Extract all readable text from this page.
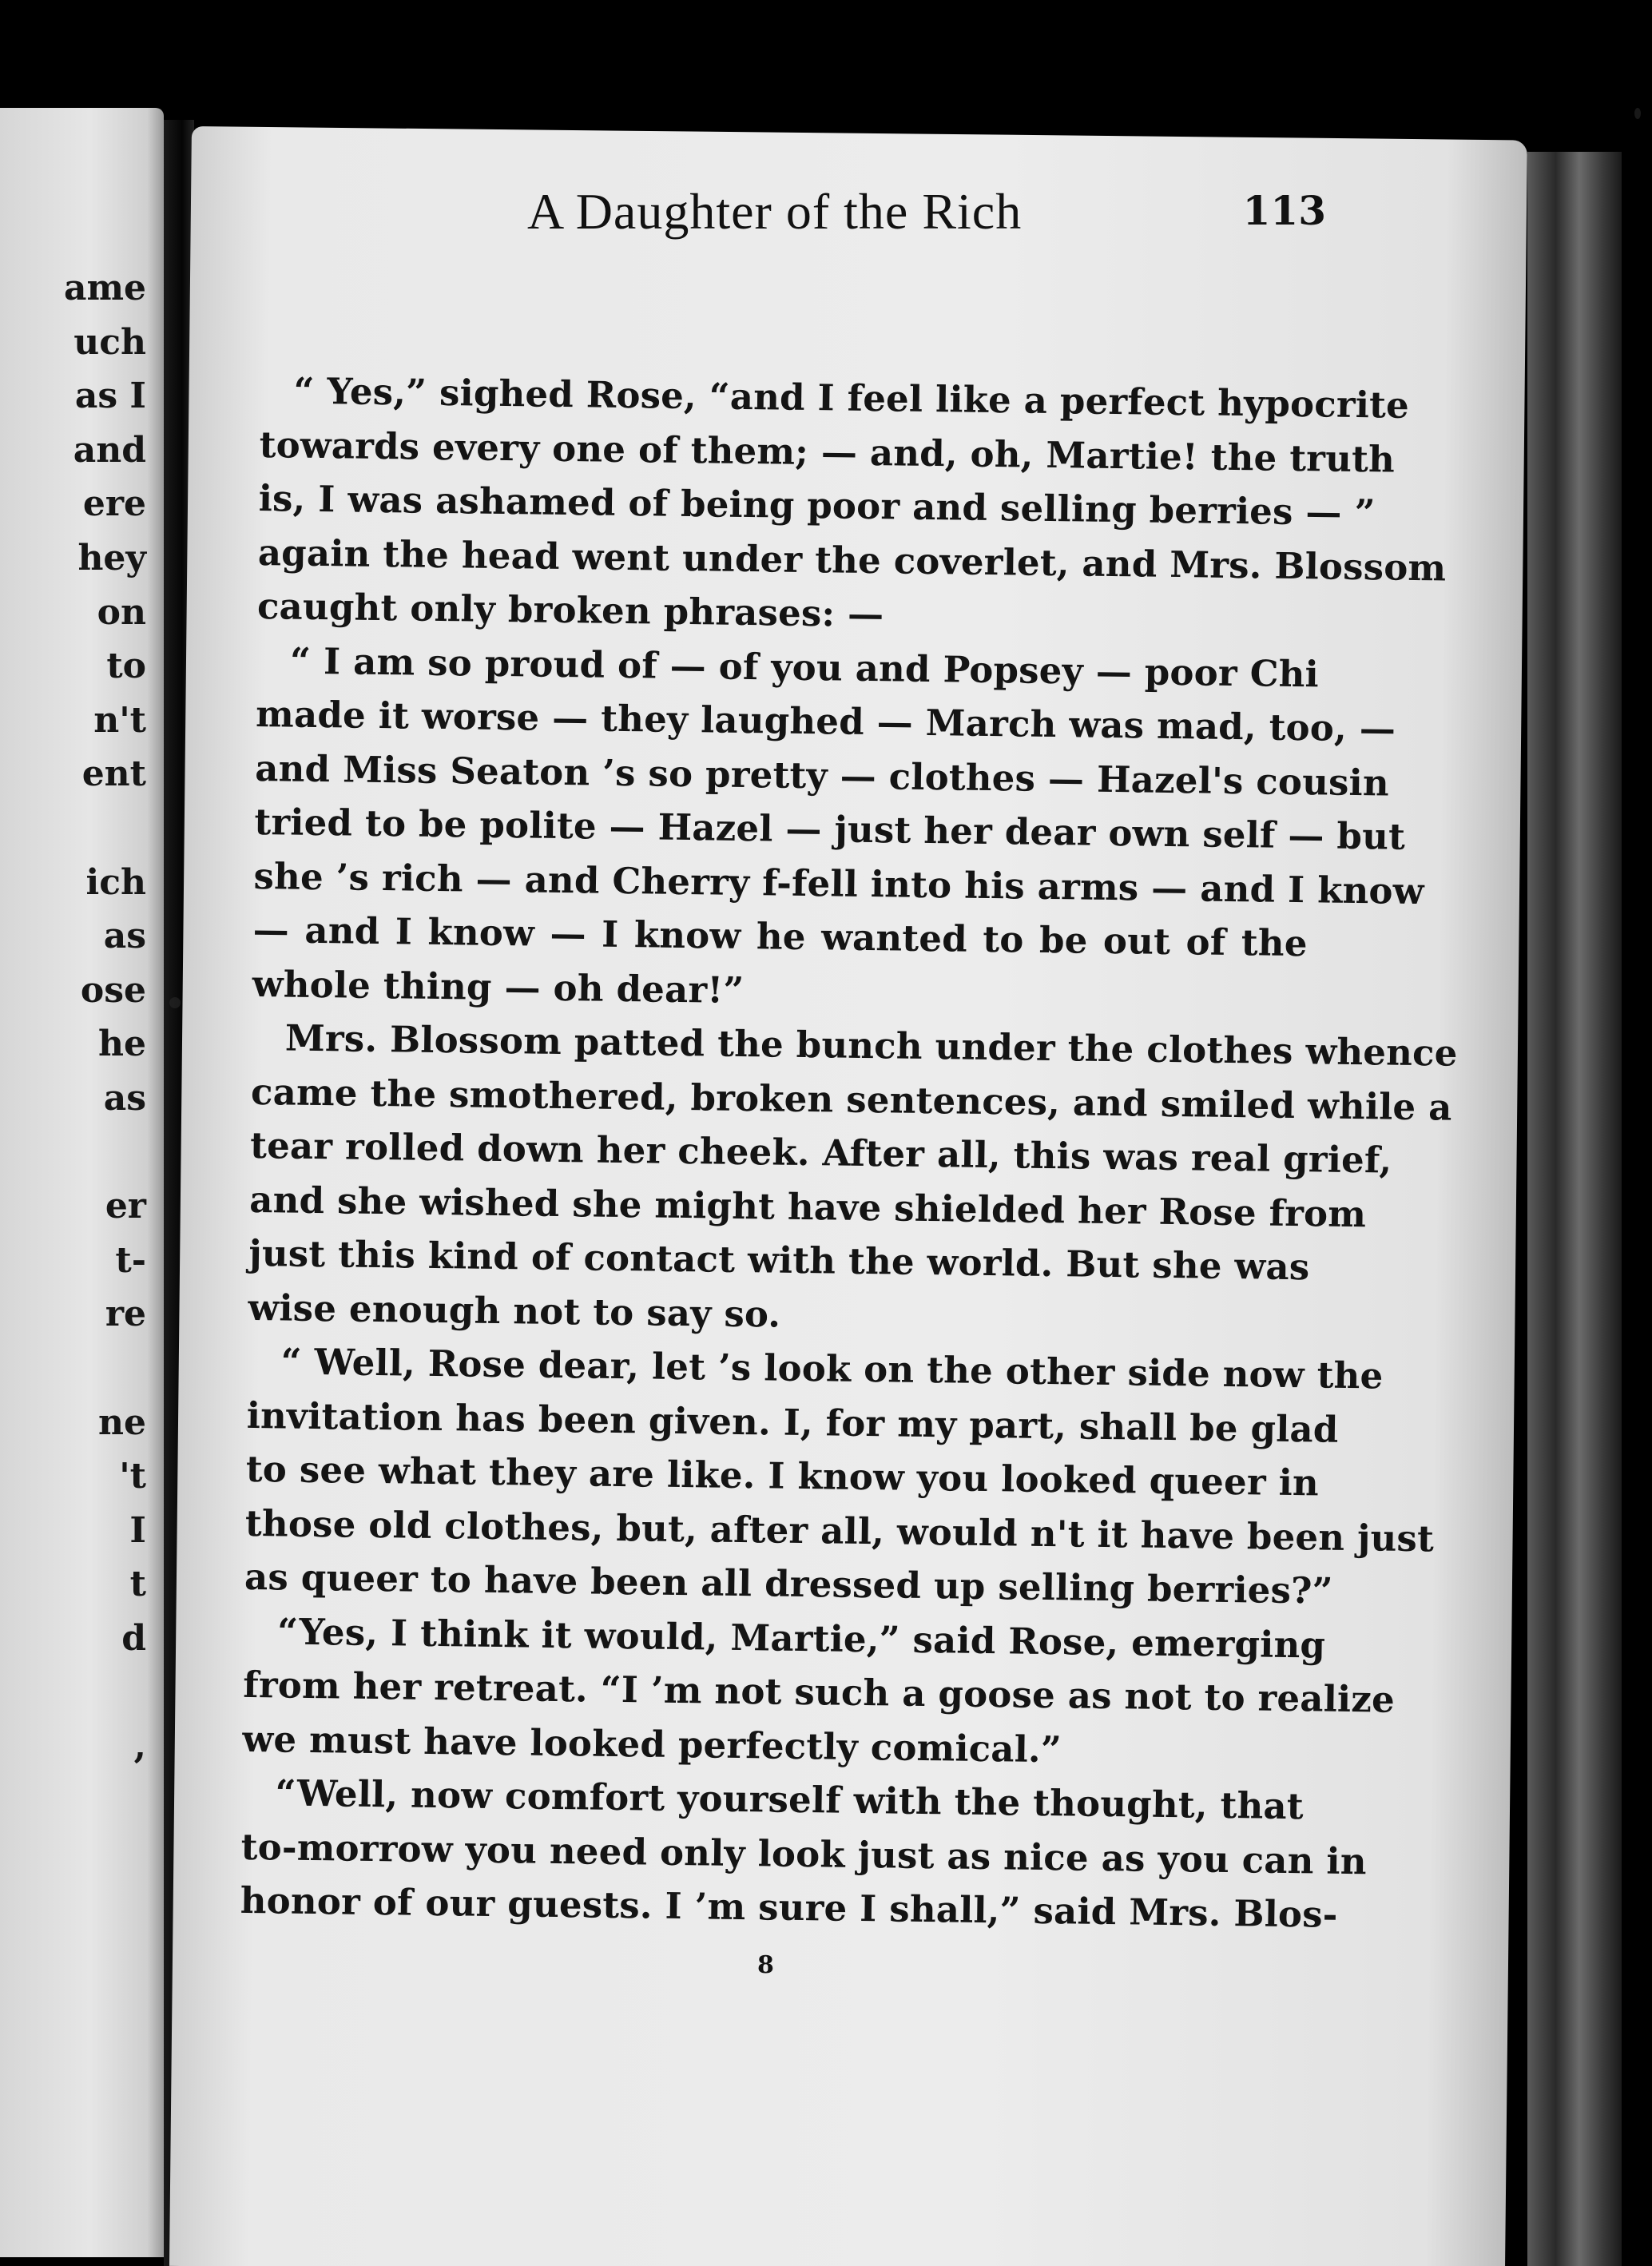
ame
uch
as I
and
ere
hey
on
to
n't
ent
ich
as
ose
he
as
er
t-
re
ne
't
I
t
d
,
A Daughter of the Rich	113
“ Yes,” sighed Rose, “and I feel like a perfect hypocrite
towards every one of them; — and, oh, Martie! the truth
is, I was ashamed of being poor and selling berries — ”
again the head went under the coverlet, and Mrs. Blossom
caught only broken phrases: —
“ I am so proud of — of you and Popsey — poor Chi
made it worse — they laughed — March was mad, too, —
and Miss Seaton ’s so pretty — clothes — Hazel's cousin
tried to be polite — Hazel — just her dear own self — but
she ’s rich — and Cherry f-fell into his arms — and I know
— and I know — I know he wanted to be out of the
whole thing — oh dear!”
Mrs. Blossom patted the bunch under the clothes whence
came the smothered, broken sentences, and smiled while a
tear rolled down her cheek. After all, this was real grief,
and she wished she might have shielded her Rose from
just this kind of contact with the world. But she was
wise enough not to say so.
“ Well, Rose dear, let ’s look on the other side now the
invitation has been given. I, for my part, shall be glad
to see what they are like. I know you looked queer in
those old clothes, but, after all, would n't it have been just
as queer to have been all dressed up selling berries?”
“Yes, I think it would, Martie,” said Rose, emerging
from her retreat. “I ’m not such a goose as not to realize
we must have looked perfectly comical.”
“Well, now comfort yourself with the thought, that
to-morrow you need only look just as nice as you can in
honor of our guests. I ’m sure I shall,” said Mrs. Blos-
8
